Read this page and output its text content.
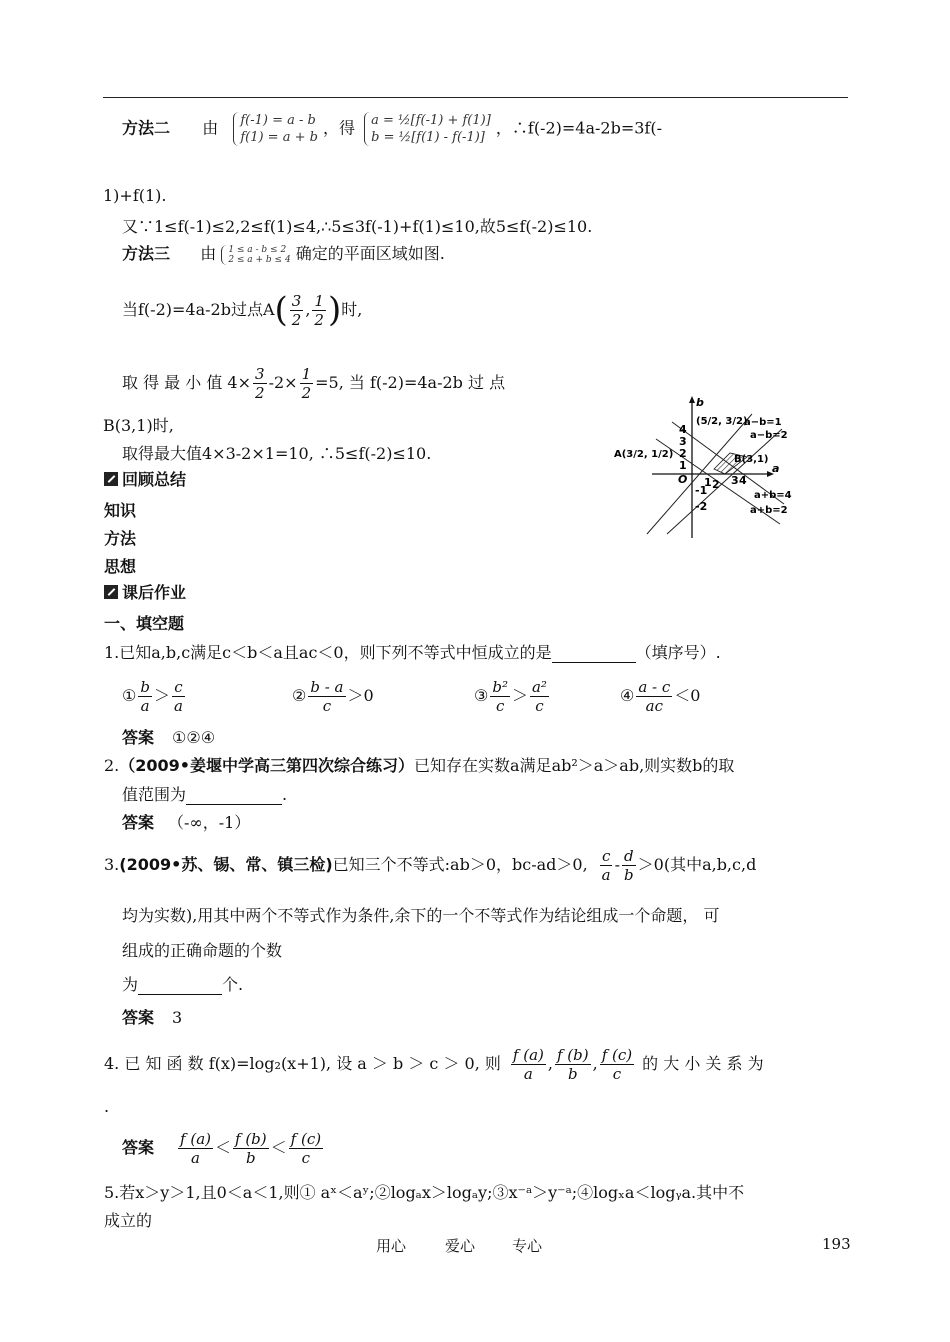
方法二 由 f(-1) = a - b
f(1) = a + b ，得 a = ½[f(-1) + f(1)]
b = ½[f(1) - f(-1)] ，∴f(-2)=4a-2b=3f(-
1)+f(1).
又∵1≤f(-1)≤2,2≤f(1)≤4,∴5≤3f(-1)+f(1)≤10,故5≤f(-2)≤10.
方法三 由 1 ≤ a - b ≤ 2
2 ≤ a + b ≤ 4 确定的平面区域如图.
当f(-2)=4a-2b过点A ( $\frac{3}{2}$ , $\frac{1}{2}$ ) 时,
取 得 最 小 值 $4\times \frac{3}{2} -2\times \frac{1}{2} =5$, 当 f(-2)=4a-2b 过 点
B(3,1)时,
取得最大值4×3-2×1=10, ∴5≤f(-2)≤10.
b
a
O
4
3
2
1
-1
-2
1 2 3 4
(5/2, 3/2)
A(3/2, 1/2)	B(3,1)
a−b=1
a−b=2
a+b=4
a+b=2
回顾总结
知识
方法
思想
课后作业
一、填空题
1.已知a,b,c满足c＜b＜a且ac＜0，则下列不等式中恒成立的是	（填序号）.
① $\frac{b}{a} > \frac{c}{a}$	② $\frac{b - a}{c} >0$	③ $\frac{\text{b²}}{c} > \frac{\text{a²}}{c}$	④ $\frac{a - c}{ac} <0$
答案 ①②④
2.（2009•姜堰中学高三第四次综合练习）已知存在实数a满足ab²＞a＞ab,则实数b的取
值范围为	.
答案 （-∞，-1）
3. (2009•苏、锡、常、镇三检) 已知三个不等式:ab＞0，bc-ad＞0, $\frac{c}{a} - \frac{d}{b} >0$(其中a,b,c,d
均为实数),用其中两个不等式作为条件,余下的一个不等式作为结论组成一个命题， 可
组成的正确命题的个数
为	个.
答案 3
4. 已 知 函 数 f(x)=log₂(x+1), 设 a ＞ b ＞ c ＞ 0, 则 $\frac{f (a)}{a}$ , $\frac{f (b)}{b}$ , $\frac{f (c)}{c}$ 的 大 小 关 系 为
.
答案 $\frac{f (a)}{a} < \frac{f (b)}{b} < \frac{f (c)}{c}$
5.若x＞y＞1,且0＜a＜1,则① aˣ＜aʸ;②logₐx＞logₐy;③x⁻ᵃ＞y⁻ᵃ;④logₓa＜logᵧa.其中不
成立的
用心	爱心 专心	193
